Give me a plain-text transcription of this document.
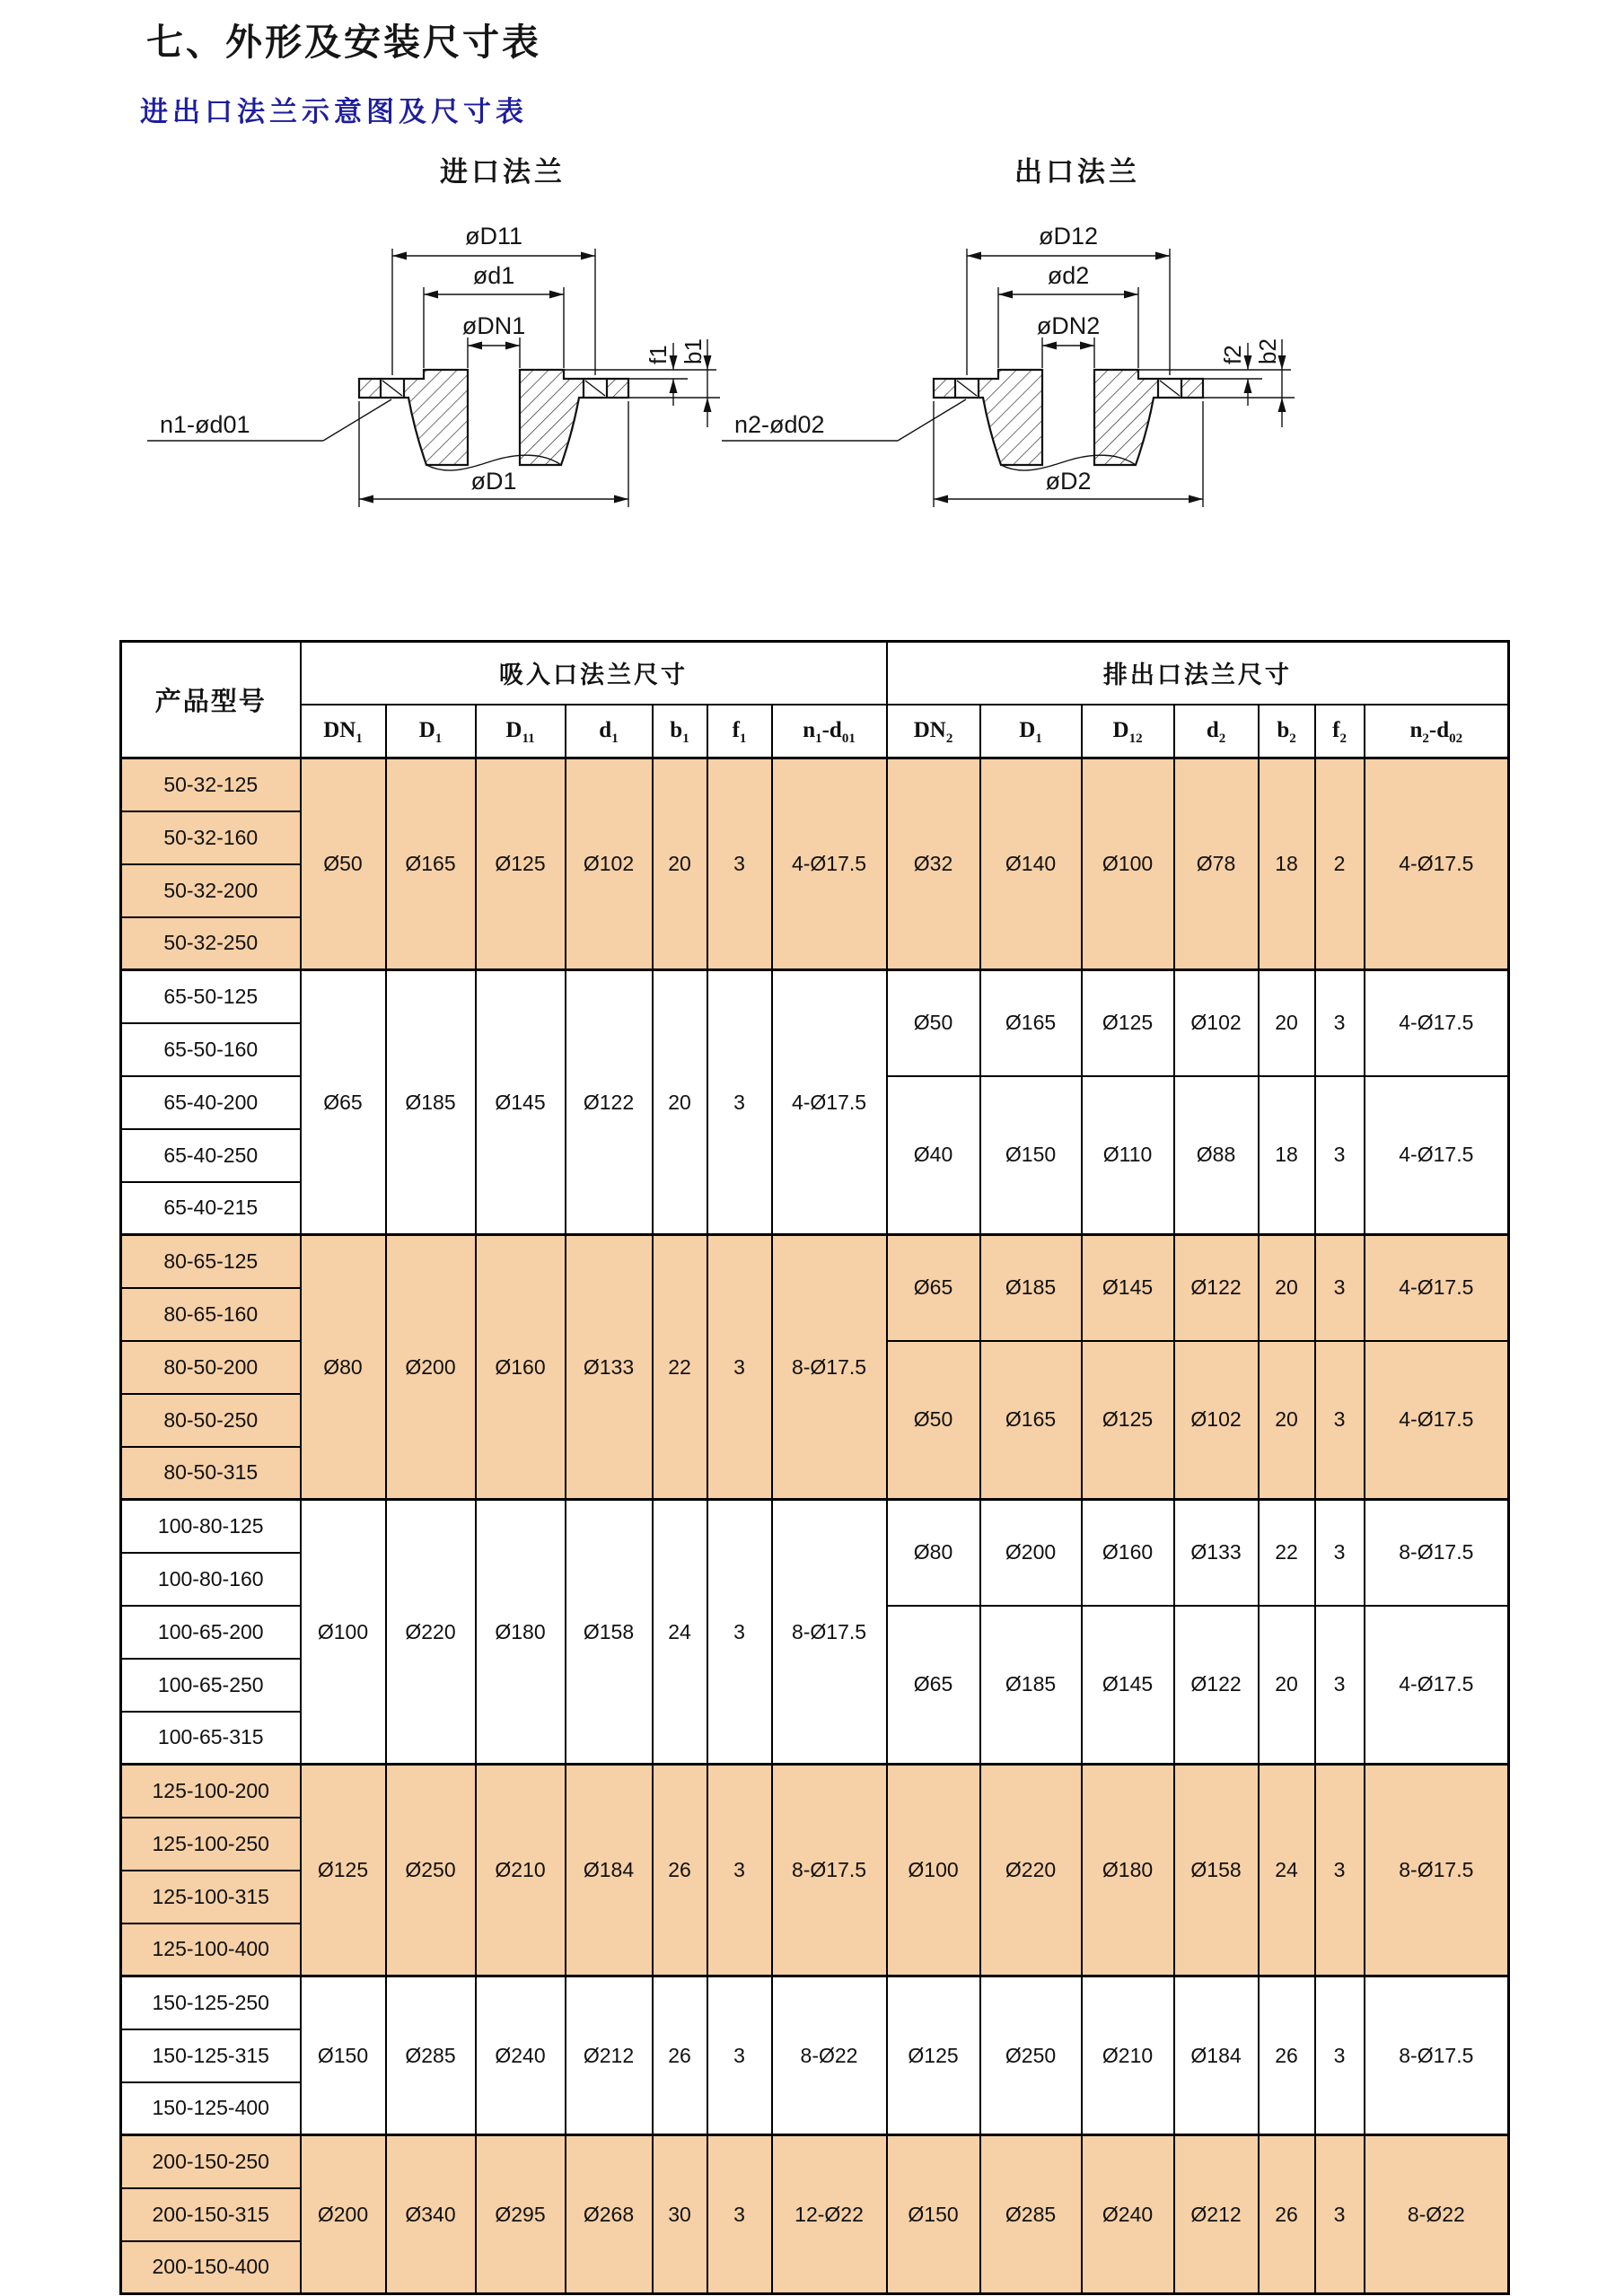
七、外形及安装尺寸表
进出口法兰示意图及尺寸表
进口法兰
øD11
ød1
øDN1
f1 b1
n1-ød01
øD1
出口法兰
øD12
ød2
øDN2
f2 b2
n2-ød02
øD2
产品型号	吸入口法兰尺寸							排出口法兰尺寸						
	$DN_1$	$D_1$	$D_{11}$	$d_1$	$b_1$	$f_1$	$n_1-d_{01}$	$DN_2$	$D_1$	$D_{12}$	$d_2$	$b_2$	$f_2$	$n_2-d_{02}$
50-32-125	Ø50	Ø165	Ø125	Ø102	20	3	4-Ø17.5	Ø32	Ø140	Ø100	Ø78	18	2	4-Ø17.5
50-32-160														
50-32-200														
50-32-250														
65-50-125	Ø65	Ø185	Ø145	Ø122	20	3	4-Ø17.5	Ø50	Ø165	Ø125	Ø102	20	3	4-Ø17.5
65-50-160														
65-40-200								Ø40	Ø150	Ø110	Ø88	18	3	4-Ø17.5
65-40-250														
65-40-215														
80-65-125	Ø80	Ø200	Ø160	Ø133	22	3	8-Ø17.5	Ø65	Ø185	Ø145	Ø122	20	3	4-Ø17.5
80-65-160														
80-50-200								Ø50	Ø165	Ø125	Ø102	20	3	4-Ø17.5
80-50-250														
80-50-315														
100-80-125	Ø100	Ø220	Ø180	Ø158	24	3	8-Ø17.5	Ø80	Ø200	Ø160	Ø133	22	3	8-Ø17.5
100-80-160														
100-65-200								Ø65	Ø185	Ø145	Ø122	20	3	4-Ø17.5
100-65-250														
100-65-315														
125-100-200	Ø125	Ø250	Ø210	Ø184	26	3	8-Ø17.5	Ø100	Ø220	Ø180	Ø158	24	3	8-Ø17.5
125-100-250														
125-100-315														
125-100-400														
150-125-250	Ø150	Ø285	Ø240	Ø212	26	3	8-Ø22	Ø125	Ø250	Ø210	Ø184	26	3	8-Ø17.5
150-125-315														
150-125-400														
200-150-250	Ø200	Ø340	Ø295	Ø268	30	3	12-Ø22	Ø150	Ø285	Ø240	Ø212	26	3	8-Ø22
200-150-315														
200-150-400														
